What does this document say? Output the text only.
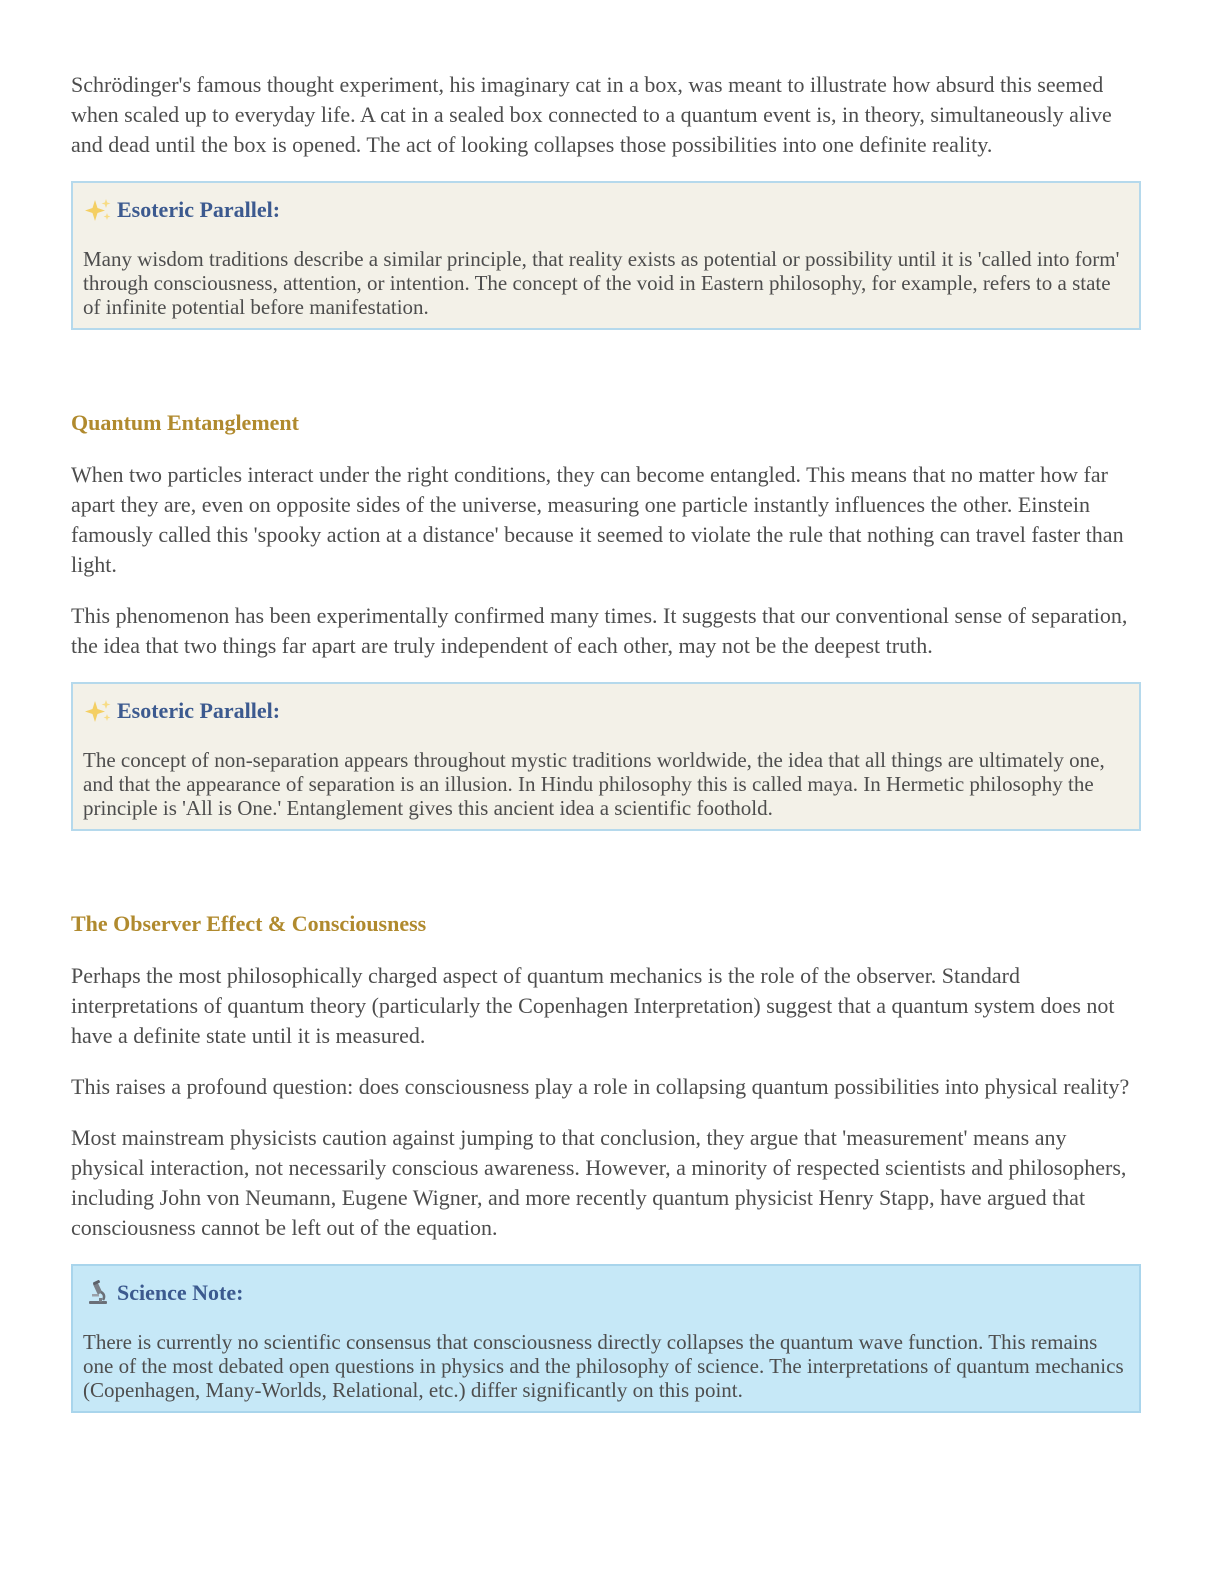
Schrödinger's famous thought experiment, his imaginary cat in a box, was meant to illustrate how absurd this seemed when scaled up to everyday life. A cat in a sealed box connected to a quantum event is, in theory, simultaneously alive and dead until the box is opened. The act of looking collapses those possibilities into one definite reality.

Esoteric Parallel:

Many wisdom traditions describe a similar principle, that reality exists as potential or possibility until it is 'called into form' through consciousness, attention, or intention. The concept of the void in Eastern philosophy, for example, refers to a state of infinite potential before manifestation.

Quantum Entanglement

When two particles interact under the right conditions, they can become entangled. This means that no matter how far apart they are, even on opposite sides of the universe, measuring one particle instantly influences the other. Einstein famously called this 'spooky action at a distance' because it seemed to violate the rule that nothing can travel faster than light.

This phenomenon has been experimentally confirmed many times. It suggests that our conventional sense of separation, the idea that two things far apart are truly independent of each other, may not be the deepest truth.

Esoteric Parallel:

The concept of non-separation appears throughout mystic traditions worldwide, the idea that all things are ultimately one, and that the appearance of separation is an illusion. In Hindu philosophy this is called maya. In Hermetic philosophy the principle is 'All is One.' Entanglement gives this ancient idea a scientific foothold.

The Observer Effect & Consciousness

Perhaps the most philosophically charged aspect of quantum mechanics is the role of the observer. Standard interpretations of quantum theory (particularly the Copenhagen Interpretation) suggest that a quantum system does not have a definite state until it is measured.

This raises a profound question: does consciousness play a role in collapsing quantum possibilities into physical reality?

Most mainstream physicists caution against jumping to that conclusion, they argue that 'measurement' means any physical interaction, not necessarily conscious awareness. However, a minority of respected scientists and philosophers, including John von Neumann, Eugene Wigner, and more recently quantum physicist Henry Stapp, have argued that consciousness cannot be left out of the equation.

Science Note:

There is currently no scientific consensus that consciousness directly collapses the quantum wave function. This remains one of the most debated open questions in physics and the philosophy of science. The interpretations of quantum mechanics (Copenhagen, Many-Worlds, Relational, etc.) differ significantly on this point.
